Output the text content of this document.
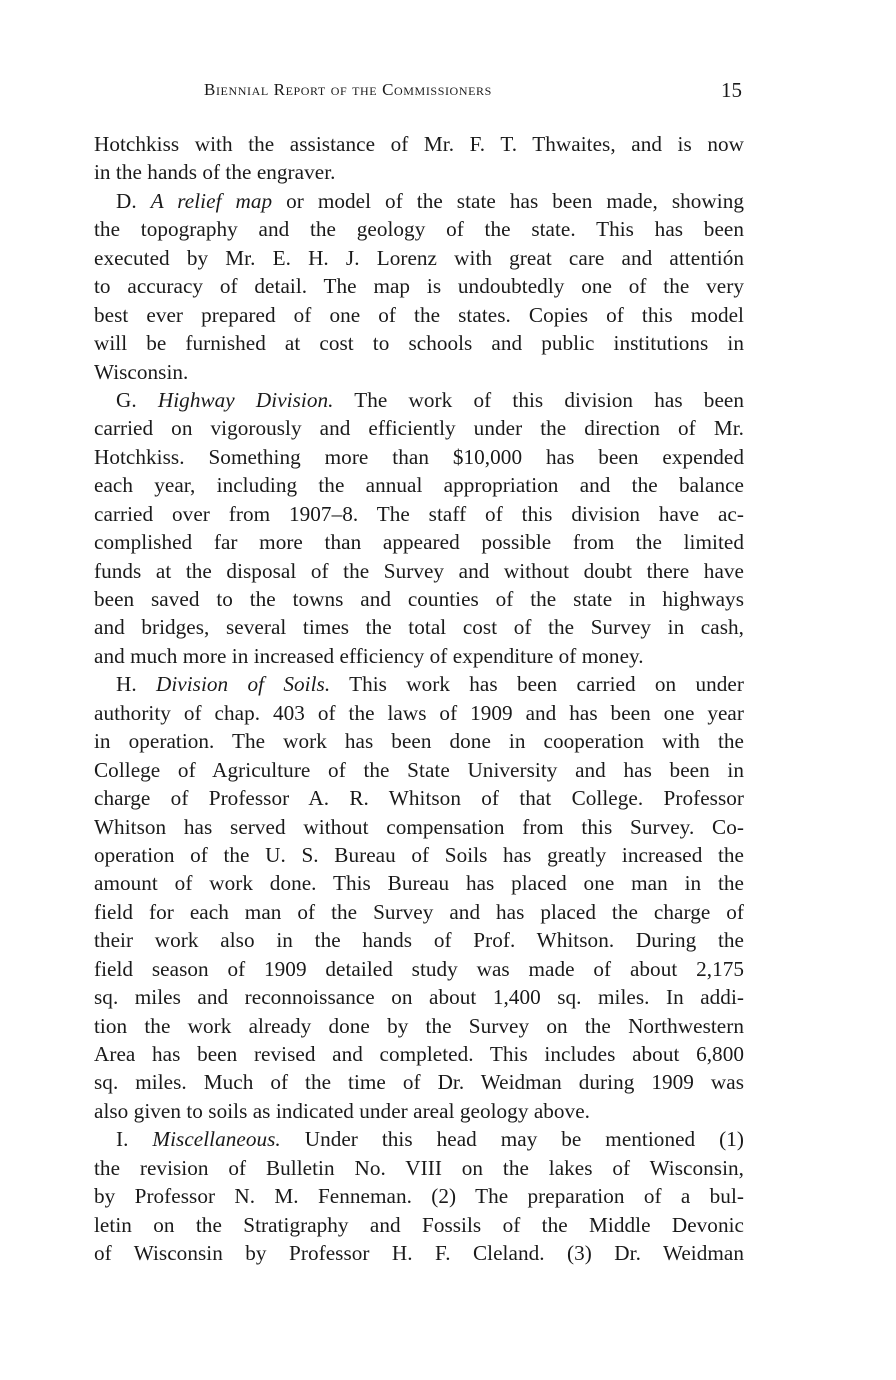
Biennial Report of the Commissioners	15
Hotchkiss with the assistance of Mr. F. T. Thwaites, and is now
in the hands of the engraver.
D. A relief map or model of the state has been made, showing
the topography and the geology of the state. This has been
executed by Mr. E. H. J. Lorenz with great care and attentión
to accuracy of detail. The map is undoubtedly one of the very
best ever prepared of one of the states. Copies of this model
will be furnished at cost to schools and public institutions in
Wisconsin.
G. Highway Division. The work of this division has been
carried on vigorously and efficiently under the direction of Mr.
Hotchkiss. Something more than $10,000 has been expended
each year, including the annual appropriation and the balance
carried over from 1907–8. The staff of this division have ac-
complished far more than appeared possible from the limited
funds at the disposal of the Survey and without doubt there have
been saved to the towns and counties of the state in highways
and bridges, several times the total cost of the Survey in cash,
and much more in increased efficiency of expenditure of money.
H. Division of Soils. This work has been carried on under
authority of chap. 403 of the laws of 1909 and has been one year
in operation. The work has been done in cooperation with the
College of Agriculture of the State University and has been in
charge of Professor A. R. Whitson of that College. Professor
Whitson has served without compensation from this Survey. Co-
operation of the U. S. Bureau of Soils has greatly increased the
amount of work done. This Bureau has placed one man in the
field for each man of the Survey and has placed the charge of
their work also in the hands of Prof. Whitson. During the
field season of 1909 detailed study was made of about 2,175
sq. miles and reconnoissance on about 1,400 sq. miles. In addi-
tion the work already done by the Survey on the Northwestern
Area has been revised and completed. This includes about 6,800
sq. miles. Much of the time of Dr. Weidman during 1909 was
also given to soils as indicated under areal geology above.
I. Miscellaneous. Under this head may be mentioned (1)
the revision of Bulletin No. VIII on the lakes of Wisconsin,
by Professor N. M. Fenneman. (2) The preparation of a bul-
letin on the Stratigraphy and Fossils of the Middle Devonic
of Wisconsin by Professor H. F. Cleland. (3) Dr. Weidman
